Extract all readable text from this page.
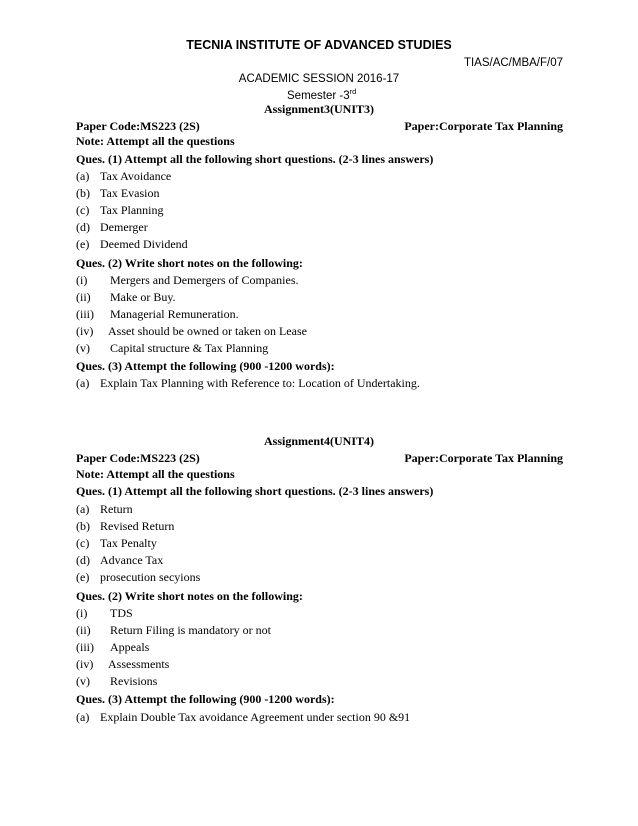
TECNIA INSTITUTE OF ADVANCED STUDIES
TIAS/AC/MBA/F/07
ACADEMIC SESSION 2016-17
Semester -3rd
Assignment3(UNIT3)
Paper Code:MS223 (2S)	Paper:Corporate Tax Planning
Note: Attempt all the questions
Ques. (1) Attempt all the following short questions. (2-3 lines answers)
(a) Tax Avoidance
(b) Tax Evasion
(c) Tax Planning
(d) Demerger
(e) Deemed Dividend
Ques. (2) Write short notes on the following:
(i) Mergers and Demergers of Companies.
(ii) Make or Buy.
(iii) Managerial Remuneration.
(iv) Asset should be owned or taken on Lease
(v) Capital structure & Tax Planning
Ques. (3) Attempt the following (900 -1200 words):
(a) Explain Tax Planning with Reference to: Location of Undertaking.
Assignment4(UNIT4)
Paper Code:MS223 (2S)	Paper:Corporate Tax Planning
Note: Attempt all the questions
Ques. (1) Attempt all the following short questions. (2-3 lines answers)
(a) Return
(b) Revised Return
(c) Tax Penalty
(d) Advance Tax
(e) prosecution secyions
Ques. (2) Write short notes on the following:
(i) TDS
(ii) Return Filing is mandatory or not
(iii) Appeals
(iv) Assessments
(v) Revisions
Ques. (3) Attempt the following (900 -1200 words):
(a) Explain Double Tax avoidance Agreement under section 90 &91
